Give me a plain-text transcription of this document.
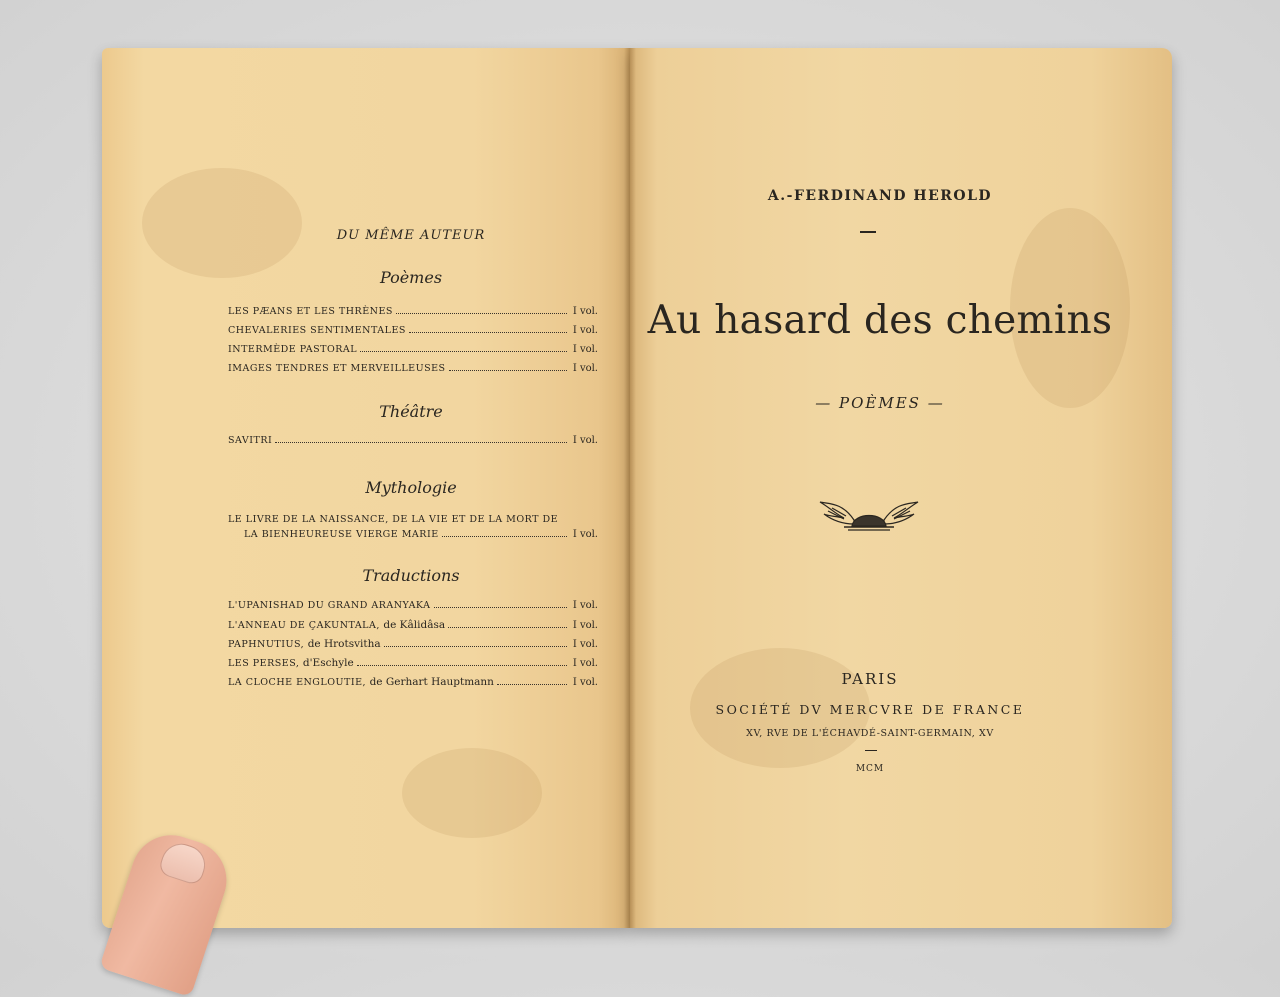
DU MÊME AUTEUR
Poèmes
LES PÆANS ET LES THRÈNES	I vol.
CHEVALERIES SENTIMENTALES	I vol.
INTERMÈDE PASTORAL	I vol.
IMAGES TENDRES ET MERVEILLEUSES	I vol.
Théâtre
SAVITRI	I vol.
Mythologie
LE LIVRE DE LA NAISSANCE, DE LA VIE ET DE LA MORT DE
LA BIENHEUREUSE VIERGE MARIE	I vol.
Traductions
L'UPANISHAD DU GRAND ARANYAKA	I vol.
L'ANNEAU DE ÇAKUNTALA, de Kâlidâsa	I vol.
PAPHNUTIUS, de Hrotsvitha	I vol.
LES PERSES, d'Eschyle	I vol.
LA CLOCHE ENGLOUTIE, de Gerhart Hauptmann	I vol.
A.-FERDINAND HEROLD
Au hasard des chemins
— POÈMES —
PARIS
SOCIÉTÉ DV MERCVRE DE FRANCE
XV, RVE DE L'ÉCHAVDÉ-SAINT-GERMAIN, XV
MCM
